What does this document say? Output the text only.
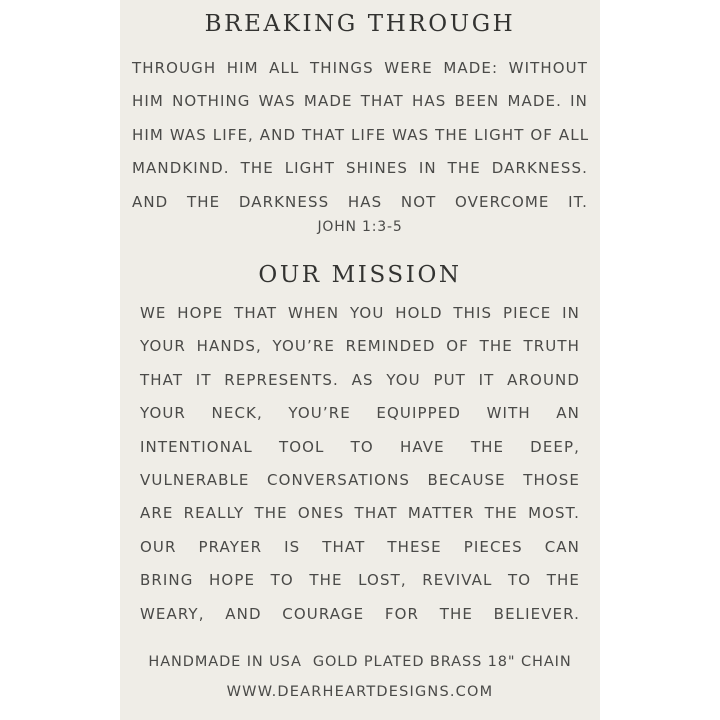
BREAKING THROUGH
THROUGH HIM ALL THINGS WERE MADE: WITHOUT
HIM NOTHING WAS MADE THAT HAS BEEN MADE. IN
HIM WAS LIFE, AND THAT LIFE WAS THE LIGHT OF ALL
MANDKIND. THE LIGHT SHINES IN THE DARKNESS.
AND THE DARKNESS HAS NOT OVERCOME IT.
JOHN 1:3-5
OUR MISSION
WE HOPE THAT WHEN YOU HOLD THIS PIECE IN
YOUR HANDS, YOU’RE REMINDED OF THE TRUTH
THAT IT REPRESENTS. AS YOU PUT IT AROUND
YOUR NECK, YOU’RE EQUIPPED WITH AN
INTENTIONAL TOOL TO HAVE THE DEEP,
VULNERABLE CONVERSATIONS BECAUSE THOSE
ARE REALLY THE ONES THAT MATTER THE MOST.
OUR PRAYER IS THAT THESE PIECES CAN
BRING HOPE TO THE LOST, REVIVAL TO THE
WEARY, AND COURAGE FOR THE BELIEVER.
HANDMADE IN USA  GOLD PLATED BRASS 18" CHAIN
WWW.DEARHEARTDESIGNS.COM
